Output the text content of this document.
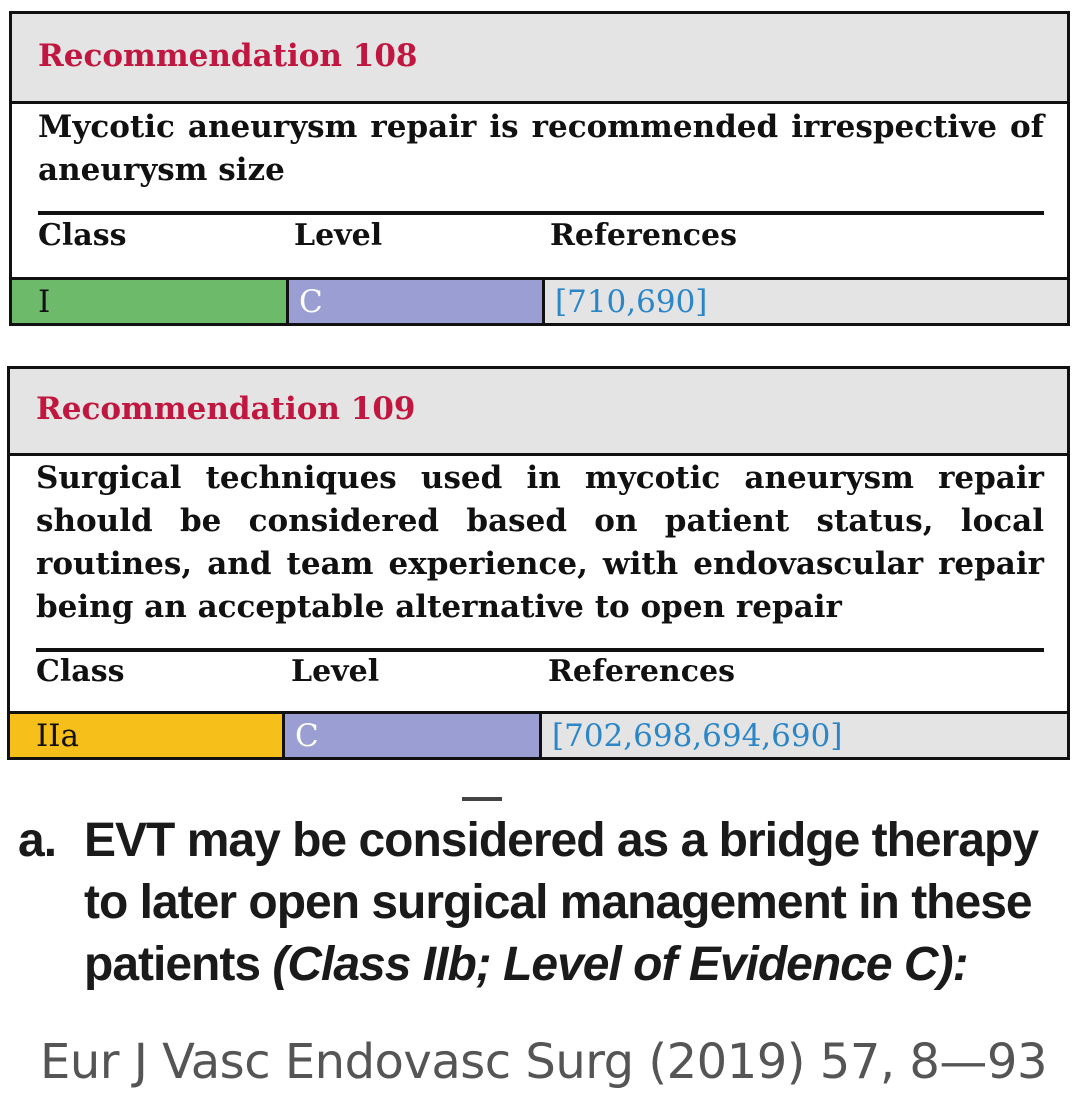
Recommendation 108
Mycotic aneurysm repair is recommended irrespective of aneurysm size
Class	Level	References
I	C	[710,690]
Recommendation 109
Surgical techniques used in mycotic aneurysm repair should be considered based on patient status, local routines, and team experience, with endovascular repair being an acceptable alternative to open repair
Class	Level	References
IIa	C	[702,698,694,690]
a. EVT may be considered as a bridge therapy
to later open surgical management in these
patients (Class IIb; Level of Evidence C):
Eur J Vasc Endovasc Surg (2019) 57, 8—93
